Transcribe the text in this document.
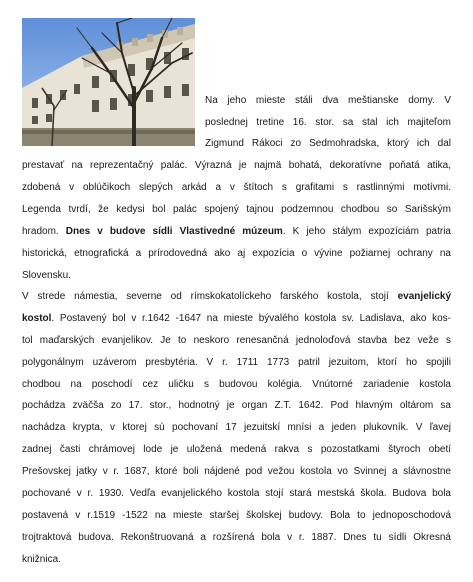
Na jeho mieste stáli dva meštianske domy. V
poslednej tretine 16. stor. sa stal ich majiteľom
Zigmund Rákoci zo Sedmohradska, ktorý ich dal
prestavať na reprezentačný palác. Výrazná je najmä bohatá, dekoratívne poňatá atika,
zdobená v oblúčikoch slepých arkád a v štítoch s grafitami s rastlinnými motívmi.
Legenda tvrdí, že kedysi bol palác spojený tajnou podzemnou chodbou so Sarišským
hradom. Dnes v budove sídli Vlastivedné múzeum. K jeho stálym expozíciám patria
historická, etnografická a prírodovedná ako aj expozícia o vývine požiarnej ochrany na
Slovensku.
V strede námestia, severne od rímskokatolíckeho farského kostola, stojí evanjelický
kostol. Postavený bol v r.1642 -1647 na mieste bývalého kostola sv. Ladislava, ako kos-
tol maďarských evanjelikov. Je to neskoro renesančná jednoloďová stavba bez veže s
polygonálnym uzáverom presbytéria. V r. 1711 1773 patril jezuitom, ktorí ho spojili
chodbou na poschodí cez uličku s budovou kolégia. Vnútorné zariadenie kostola
pochádza zväčša zo 17. stor., hodnotný je organ Z.T. 1642. Pod hlavným oltárom sa
nachádza krypta, v ktorej sú pochovaní 17 jezuitskí mnísi a jeden plukovník. V ľavej
zadnej časti chrámovej lode je uložená medená rakva s pozostatkami štyroch obetí
Prešovskej jatky v r. 1687, ktoré boli nájdené pod vežou kostola vo Svinnej a slávnostne
pochované v r. 1930. Vedľa evanjelického kostola stojí stará mestská škola. Budova bola
postavená v r.1519 -1522 na mieste staršej školskej budovy. Bola to jednoposchodová
trojtraktová budova. Rekonštruovaná a rozšírená bola v r. 1887. Dnes tu sídli Okresná
knižnica.
